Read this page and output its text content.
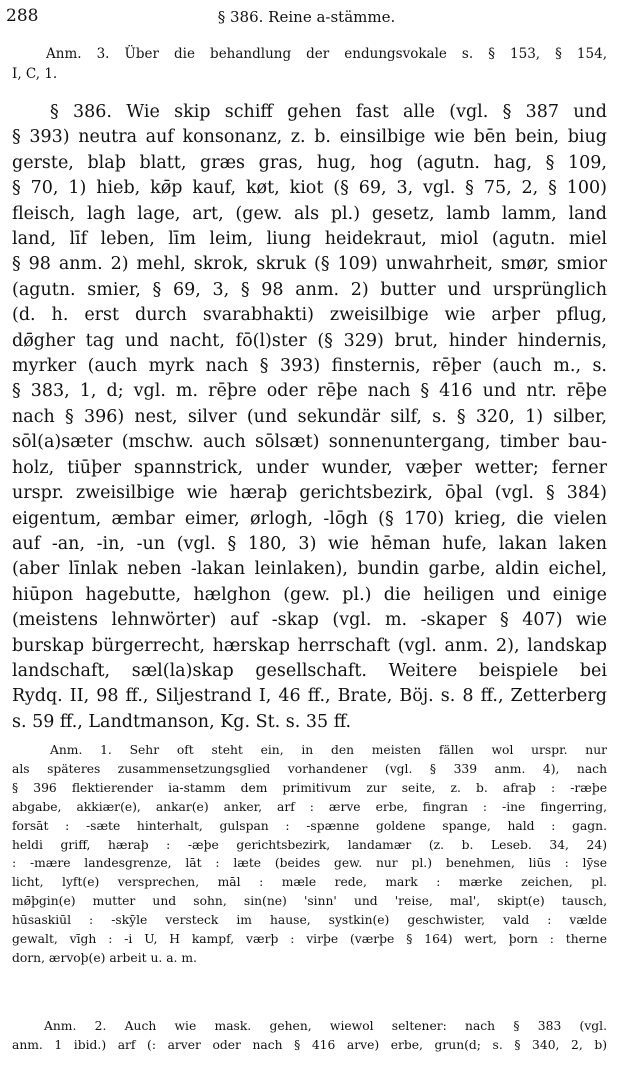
288	§ 386. Reine a-stämme.
Anm. 3. Über die behandlung der endungsvokale s. § 153, § 154,
I, C, 1.
§ 386. Wie skip schiff gehen fast alle (vgl. § 387 und
§ 393) neutra auf konsonanz, z. b. einsilbige wie bēn bein, biug
gerste, blaþ blatt, græs gras, hug, hog (agutn. hag, § 109,
§ 70, 1) hieb, kø̄p kauf, køt, kiot (§ 69, 3, vgl. § 75, 2, § 100)
fleisch, lagh lage, art, (gew. als pl.) gesetz, lamb lamm, land
land, līf leben, līm leim, liung heidekraut, miol (agutn. miel
§ 98 anm. 2) mehl, skrok, skruk (§ 109) unwahrheit, smør, smior
(agutn. smier, § 69, 3, § 98 anm. 2) butter und ursprünglich
(d. h. erst durch svarabhakti) zweisilbige wie arþer pflug,
dø̄gher tag und nacht, fō(l)ster (§ 329) brut, hinder hindernis,
myrker (auch myrk nach § 393) finsternis, rēþer (auch m., s.
§ 383, 1, d; vgl. m. rēþre oder rēþe nach § 416 und ntr. rēþe
nach § 396) nest, silver (und sekundär silf, s. § 320, 1) silber,
sōl(a)sæter (mschw. auch sōlsæt) sonnenuntergang, timber bau-
holz, tiūþer spannstrick, under wunder, væþer wetter; ferner
urspr. zweisilbige wie hæraþ gerichtsbezirk, ōþal (vgl. § 384)
eigentum, æmbar eimer, ørlogh, -lōgh (§ 170) krieg, die vielen
auf -an, -in, -un (vgl. § 180, 3) wie hēman hufe, lakan laken
(aber līnlak neben -lakan leinlaken), bundin garbe, aldin eichel,
hiūpon hagebutte, hælghon (gew. pl.) die heiligen und einige
(meistens lehnwörter) auf -skap (vgl. m. -skaper § 407) wie
burskap bürgerrecht, hærskap herrschaft (vgl. anm. 2), landskap
landschaft, sæl(la)skap gesellschaft. Weitere beispiele bei
Rydq. II, 98 ff., Siljestrand I, 46 ff., Brate, Böj. s. 8 ff., Zetterberg
s. 59 ff., Landtmanson, Kg. St. s. 35 ff.
Anm. 1. Sehr oft steht ein, in den meisten fällen wol urspr. nur
als späteres zusammensetzungsglied vorhandener (vgl. § 339 anm. 4), nach
§ 396 flektierender ia-stamm dem primitivum zur seite, z. b. afraþ : -ræþe
abgabe, akkiær(e), ankar(e) anker, arf : ærve erbe, fingran : -ine fingerring,
forsāt : -sæte hinterhalt, gulspan : -spænne goldene spange, hald : gagn.
heldi griff, hæraþ : -æþe gerichtsbezirk, landamær (z. b. Leseb. 34, 24)
: -mære landesgrenze, lāt : læte (beides gew. nur pl.) benehmen, liūs : lȳse
licht, lyft(e) versprechen, māl : mæle rede, mark : mærke zeichen, pl.
mø̄þgin(e) mutter und sohn, sin(ne) 'sinn' und 'reise, mal', skipt(e) tausch,
hūsaskiūl : -skȳle versteck im hause, systkin(e) geschwister, vald : vælde
gewalt, vīgh : -i U, H kampf, værþ : virþe (værþe § 164) wert, þorn : therne
dorn, ærvoþ(e) arbeit u. a. m.
Anm. 2. Auch wie mask. gehen, wiewol seltener: nach § 383 (vgl.
anm. 1 ibid.) arf (: arver oder nach § 416 arve) erbe, grun(d; s. § 340, 2, b)
